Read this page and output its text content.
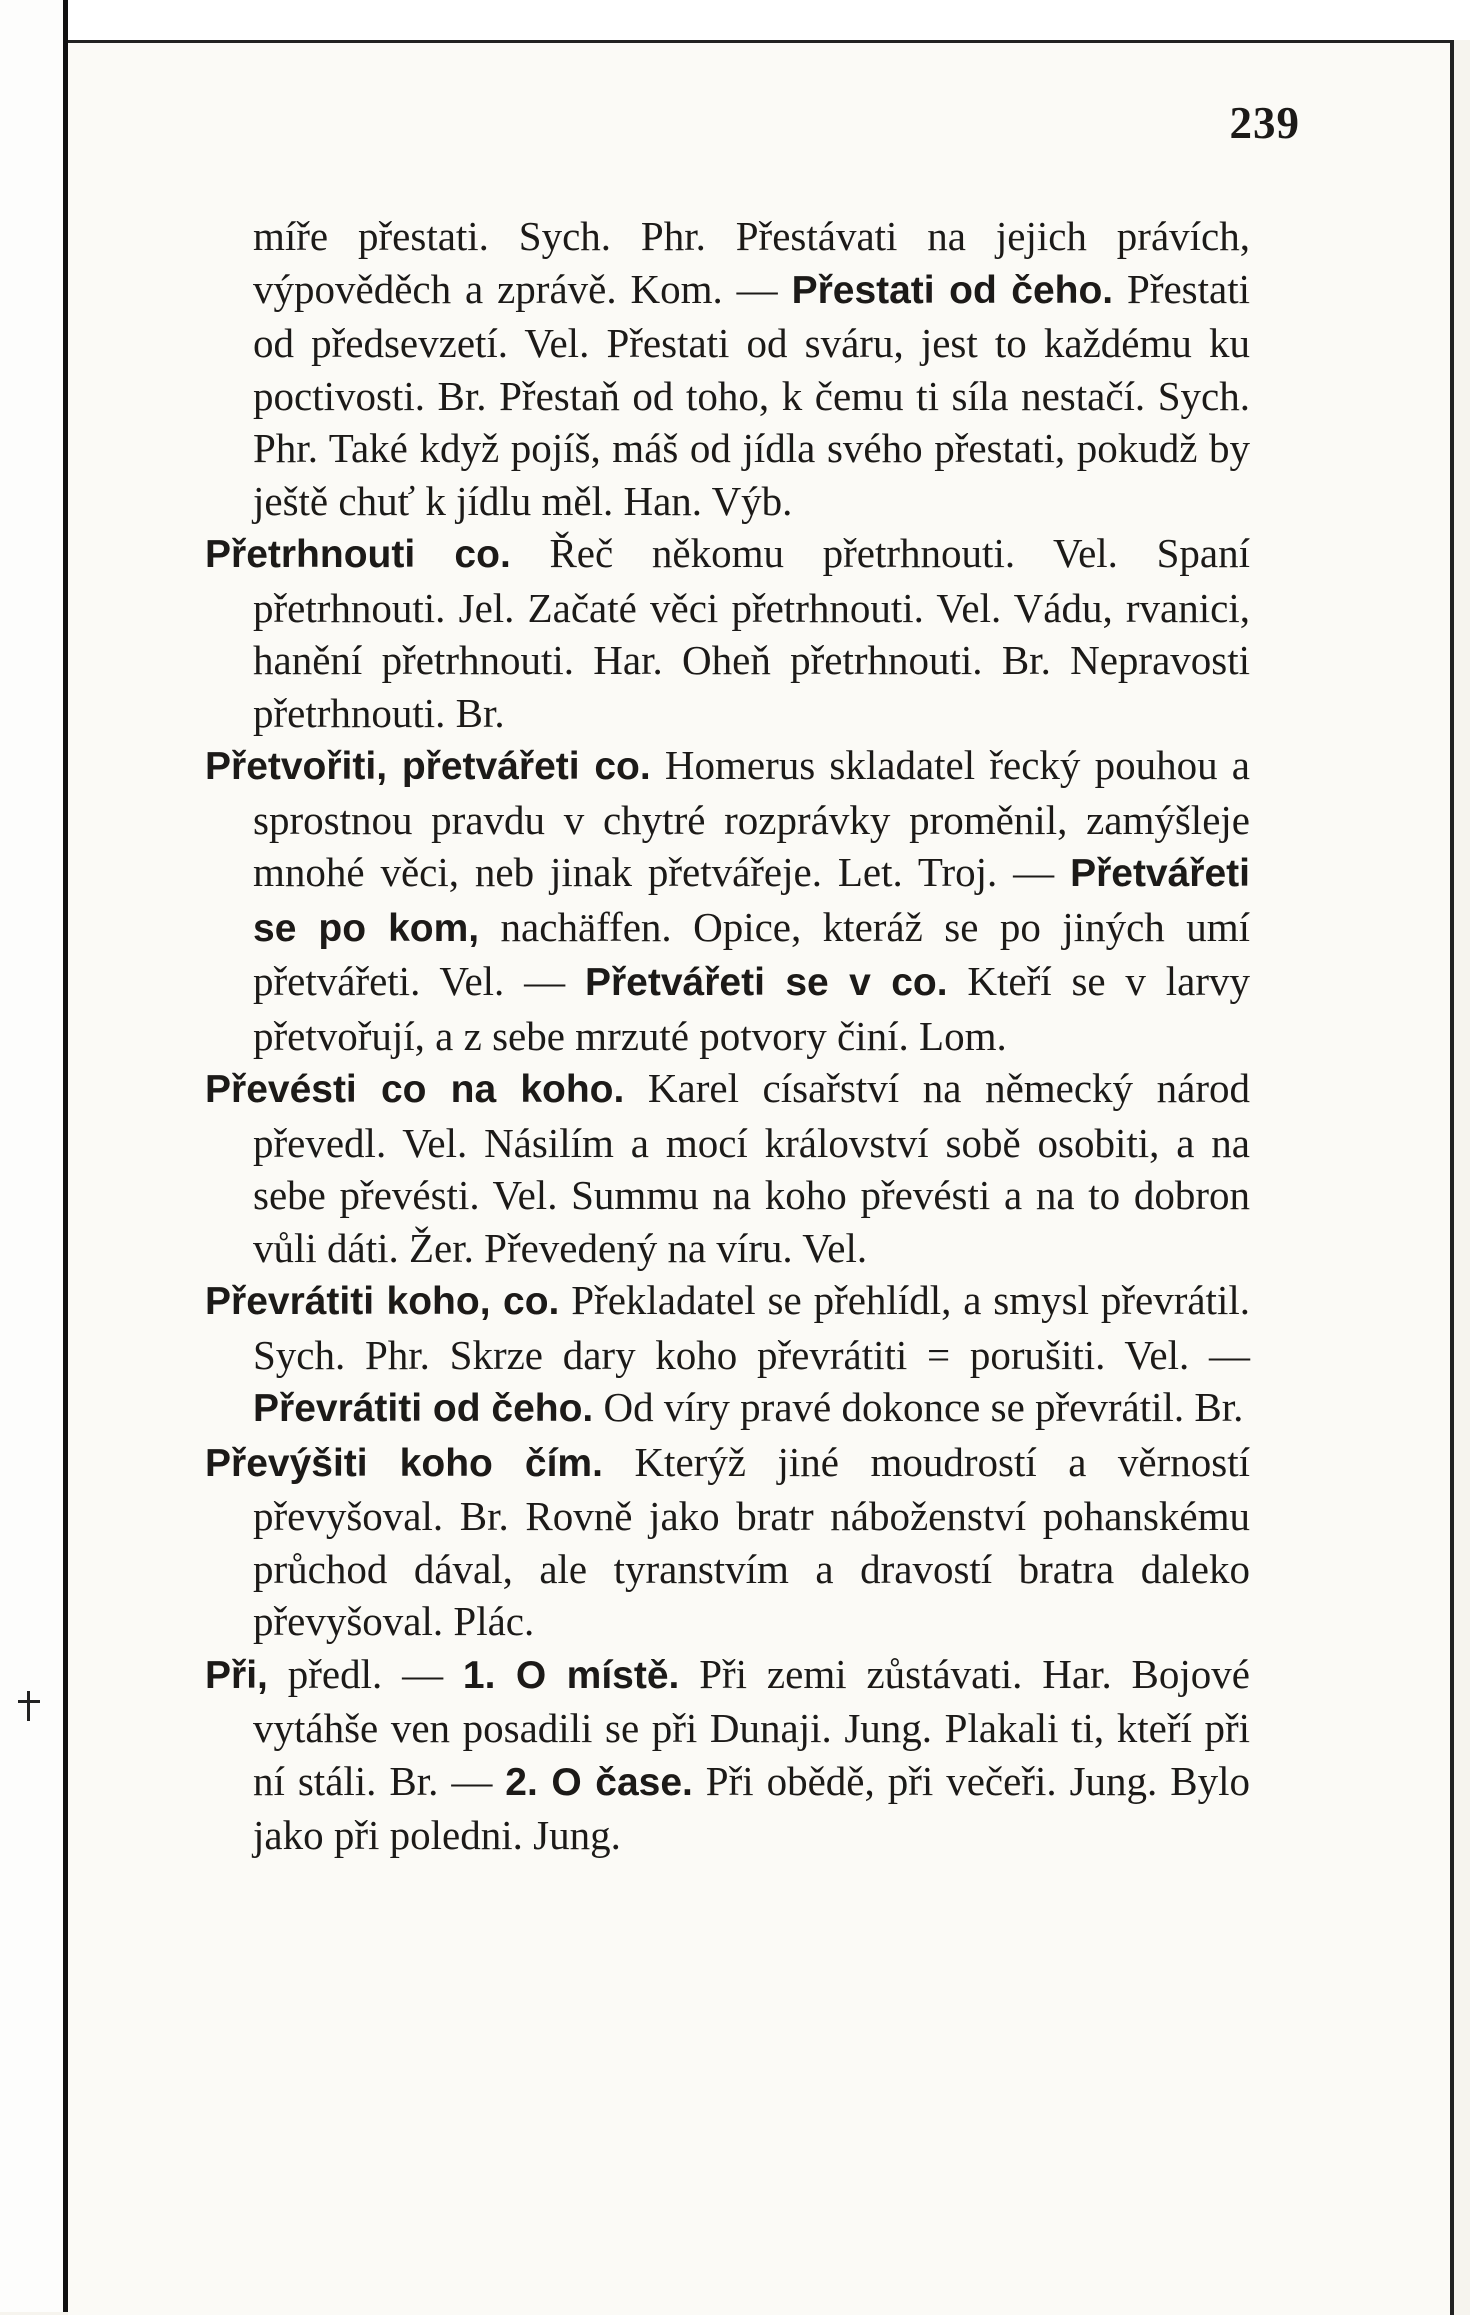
239

míře přestati. Sych. Phr. Přestávati na jejich právích, výpověděch a zprávě. Kom. — Přestati od čeho. Přestati od předsevzetí. Vel. Přestati od sváru, jest to každému ku poctivosti. Br. Přestaň od toho, k čemu ti síla nestačí. Sych. Phr. Také když pojíš, máš od jídla svého přestati, pokudž by ještě chuť k jídlu měl. Han. Výb.

Přetrhnouti co. Řeč někomu přetrhnouti. Vel. Spaní přetrhnouti. Jel. Začaté věci přetrhnouti. Vel. Vádu, rvanici, hanění přetrhnouti. Har. Oheň přetrhnouti. Br. Nepravosti přetrhnouti. Br.

Přetvořiti, přetvářeti co. Homerus skladatel řecký pouhou a sprostnou pravdu v chytré rozprávky proměnil, zamýšleje mnohé věci, neb jinak přetvářeje. Let. Troj. — Přetvářeti se po kom, nachäffen. Opice, kteráž se po jiných umí přetvářeti. Vel. — Přetvářeti se v co. Kteří se v larvy přetvořují, a z sebe mrzuté potvory činí. Lom.

Převésti co na koho. Karel císařství na německý národ převedl. Vel. Násilím a mocí království sobě osobiti, a na sebe převésti. Vel. Summu na koho převésti a na to dobron vůli dáti. Žer. Převedený na víru. Vel.

Převrátiti koho, co. Překladatel se přehlídl, a smysl převrátil. Sych. Phr. Skrze dary koho převrátiti = porušiti. Vel. — Převrátiti od čeho. Od víry pravé dokonce se převrátil. Br.

Převýšiti koho čím. Kterýž jiné moudrostí a věrností převyšoval. Br. Rovně jako bratr náboženství pohanskému průchod dával, ale tyranstvím a dravostí bratra daleko převyšoval. Plác.

Při, předl. — 1. O místě. Při zemi zůstávati. Har. Bojové vytáhše ven posadili se při Dunaji. Jung. Plakali ti, kteří při ní stáli. Br. — 2. O čase. Při obědě, při večeři. Jung. Bylo jako při poledni. Jung.
